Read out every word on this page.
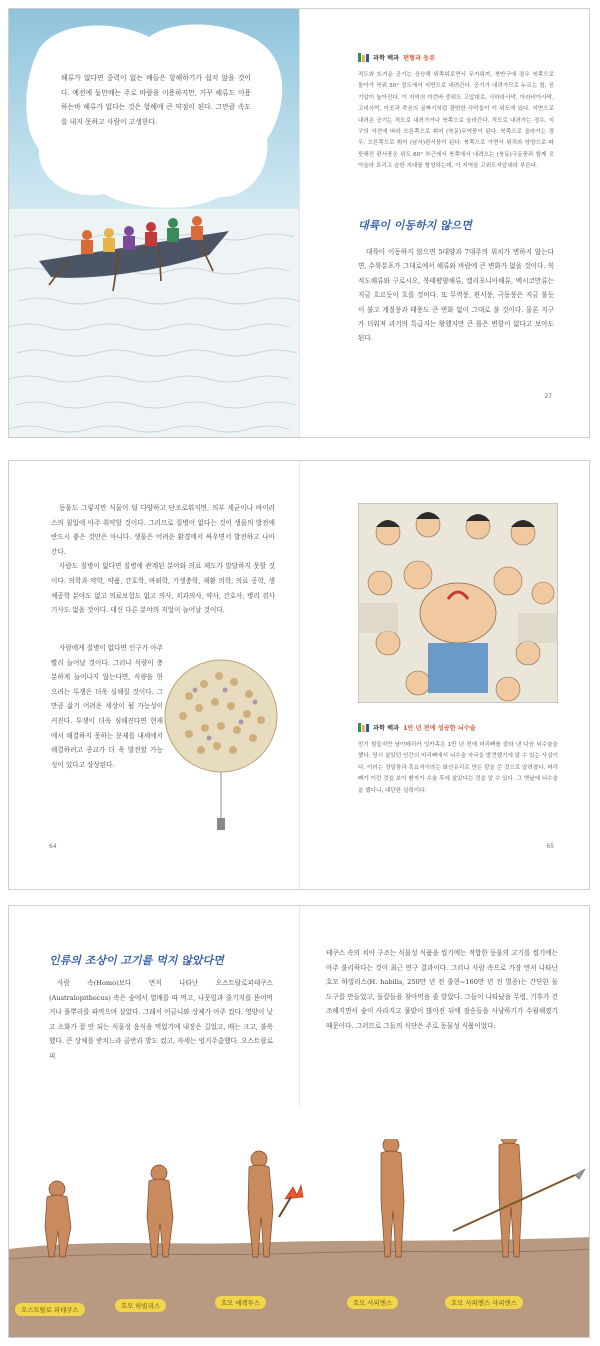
해류가 없다면 중력이 없는 배들은 항해하기가 쉽지 않을 것이다. 예전에 돛만배는 주로 바람을 이용하지만, 거꾸 해류도 이용하는바 해류가 없다는 것은 항해에 큰 약점이 된다. 그만큼 속도를 내지 못하고 사람이 고생한다.

과학 백과 편형과 동류

적도와 뜨거운 공기는 상승해 위쪽위로면서 무거워져, 북반구에 경우 북쪽으로 돌아가 북위 30° 정도에서 지면으로 내려간다. 공기가 내려가므로 누르는 힘, 곧 기압이 높아진다. 이 지역의 이런바 중위도 고압대로, 사하라사막, 아라비아사막, 고비사막, 이곳과 죽음의 골짜기처럼 광범한 사막들이 이 위도에 있다. 지면으로 내려온 공기는 적도로 내려가거나 북쪽으로 올라간다. 적도로 내려가는 경우, 지구의 자전에 따라 오른쪽으로 휘어 (북동)무역풍이 된다. 북쪽으로 올라가는 경우, 오른쪽으로 휘어 (남서)편서풍이 된다. 북쪽으로 가면서 위치와 양양으로 따뜻해진 편서풍은 위도 60° 부근에서 북쪽에서 내려오는 (북동)극동풍과 함께 모아올라 흐리고 습한 지대를 형성하는데, 이 지역을 고위도저압대라 부른다.

대륙이 이동하지 않으면

대륙이 이동하지 않으면 5대양과 7대주의 위치가 변하지 않는다면, 수륙분포가 그대로에서 해류와 바람에 큰 변화가 없을 것이다. 북적도해류와 구로시오, 북태평양해류, 캘리포니아해류, 멕시코만류는 지금 흐르듯이 흐를 것이다. 또 무역풍, 편서풍, 극동풍은 지금 불듯이 불고 계절풍과 태풍도 큰 변화 없이 그대로 불 것이다. 물론 지구가 더워져 과거의 특급지는 왕했지만 큰 틀은 변함이 없다고 보아도 된다.

27

동물도 그렇지만 식물이 덜 다양하고 단조로워지면, 의부 세균이나 바이러스의 침입에 아주 취약할 것이다. 그러므로 질병이 없다는 것이 생물의 발전에 반드시 좋은 것만은 아니다. 생물은 어려운 환경에서 싸우면서 발전하고 나아간다.

사람도 질병이 없다면 질병에 관계된 분야와 의료 제도가 발달하지 못할 것이다. 의학과 약학, 약품, 간호학, 바뢰학, 기생충학, 재활 의학, 의료 공학, 생체공학 분야도 없고 의료보험도 없고 의사, 치과의사, 약사, 간호사, 병리 검사기사도 없을 것이다. 대신 다른 분야의 직업이 늘어날 것이다.

사람에게 질병이 없다면 인구가 아주 빨리 늘어날 것이다. 그러나 식량이 충분하게 늘어나지 않는다면, 식량을 얻으려는 투쟁은 더욱 심해질 것이다. 그만큼 삶기 어려운 세상이 될 가능성이 커진다. 투쟁이 더욱 심해진다면 현재에서 해결하지 못하는 문제를 내세에서 해결하려고 종교가 더 욱 발전할 가능성이 있다고 상상된다.

64
과학 백과 1만 년 전에 성공한 뇌수술

믿기 힘들지만 남아메리카 잉카족은 1만 년 전에 머리뼈를 잘라 낸 다음 뇌수술을 했다. 당시 살았던 인간의 머리뼈에서 뇌수술 자국을 발견했기에 알 수 있는 사실이다. 이러는 정밀함과 흑요석이라는 화산유리로 만든 칼을 쓴 것으로 알려졌다. 머리뼈가 이런 것을 보아 환자가 수술 후에 살았다는 것을 알 수 있다. 그 옛날에 뇌수술을 했다니, 대단한 실력이다.

65
인류의 조상이 고기를 먹지 않았다면

사람 속(Homo)보다 먼저 나타난 오스트랄로피테쿠스(Australopithecus) 속은 숲에서 열매를 따 먹고, 나뭇잎과 줄기지를 뜯어먹거나 풀뿌리를 파먹으며 살았다. 그래서 어금니와 상체가 아주 컸다. 영양이 낮고 소화가 잘 안 되는 식물성 음식을 먹었기에 내장은 길었고, 배는 크고, 불룩했다. 큰 상체를 받치느라 골반과 발도 컸고, 자세는 엉거주춤했다. 오스트랄로피

테쿠스 속의 치아 구조는 식물성 식품을 씹기에는 적합한 동물의 고기를 씹기에는 아주 불리하다는 것이 최근 연구 결과이다. 그러나 사람 속으로 가장 먼저 나타난 호모 하빌리스(H. habilis, 250만 년 전 출현~160만 년 전 멸종)는 간단한 돌 도구를 만들었고, 돌칼들을 찾아먹을 줄 알았다. 그들이 나타났을 무렵, 기후가 건조해지면서 숲이 사라지고 풀밭이 많아진 뒤에 짐승들을 사냥하기가 수월해졌기 때문이다. 그러므로 그들의 식단은 주로 동물성 식품이었다.

오스트랄로 피테쿠스	호모 하빌리스	호모 에렉투스	호모 사피엔스	호모 사피엔스 사피엔스
